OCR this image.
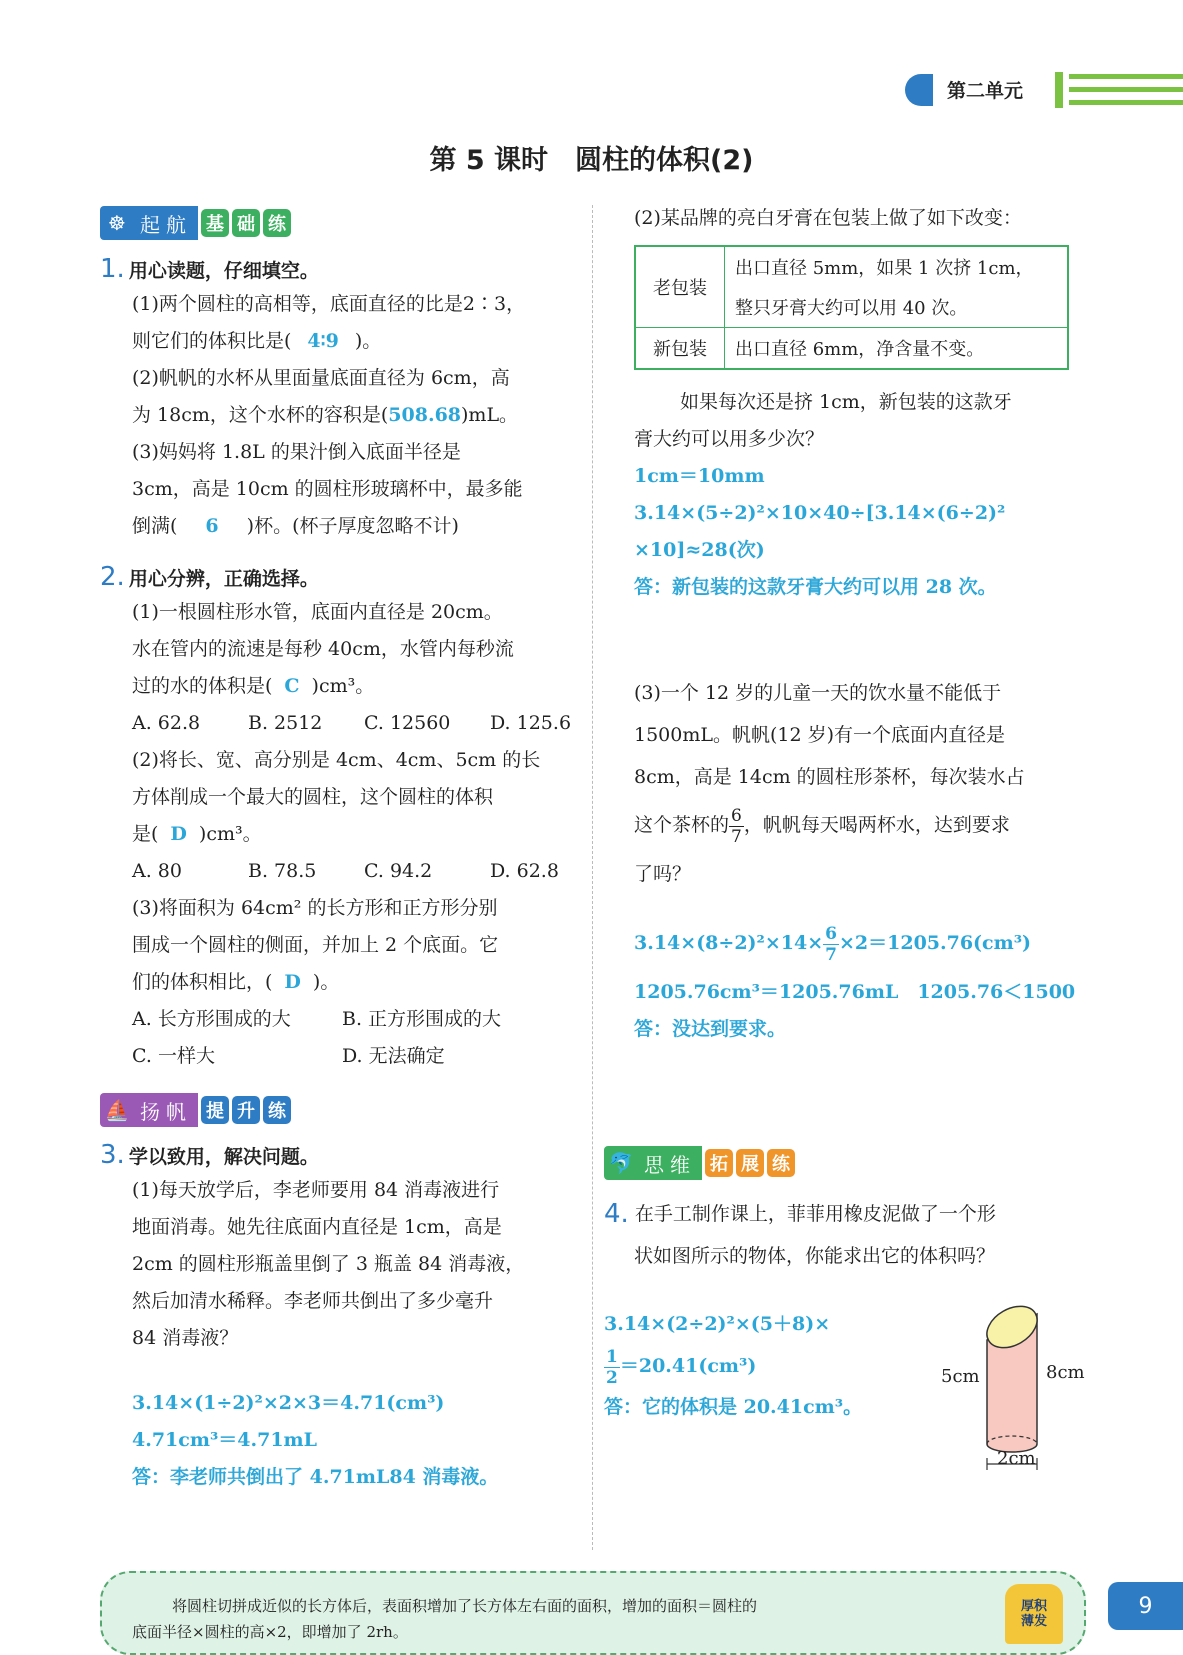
第二单元
第 5 课时　圆柱的体积(2)
☸ 起航 基 础 练
1. 用心读题，仔细填空。
(1)两个圆柱的高相等，底面直径的比是2∶3，
则它们的体积比是( 4∶9 )。
(2)帆帆的水杯从里面量底面直径为 6cm，高
为 18cm，这个水杯的容积是(508.68)mL。
(3)妈妈将 1.8L 的果汁倒入底面半径是
3cm，高是 10cm 的圆柱形玻璃杯中，最多能
倒满( 6 )杯。(杯子厚度忽略不计)
2. 用心分辨，正确选择。
(1)一根圆柱形水管，底面内直径是 20cm。
水在管内的流速是每秒 40cm，水管内每秒流
过的水的体积是( C )cm³。
A. 62.8	B. 2512	C. 12560	D. 125.6
(2)将长、宽、高分别是 4cm、4cm、5cm 的长
方体削成一个最大的圆柱，这个圆柱的体积
是( D )cm³。
A. 80	B. 78.5	C. 94.2	D. 62.8
(3)将面积为 64cm² 的长方形和正方形分别
围成一个圆柱的侧面，并加上 2 个底面。它
们的体积相比，( D )。
A. 长方形围成的大	B. 正方形围成的大
C. 一样大	D. 无法确定
⛵ 扬帆 提 升 练
3. 学以致用，解决问题。
(1)每天放学后，李老师要用 84 消毒液进行
地面消毒。她先往底面内直径是 1cm，高是
2cm 的圆柱形瓶盖里倒了 3 瓶盖 84 消毒液，
然后加清水稀释。李老师共倒出了多少毫升
84 消毒液？
3.14×(1÷2)²×2×3＝4.71(cm³)
4.71cm³＝4.71mL
答：李老师共倒出了 4.71mL84 消毒液。
(2)某品牌的亮白牙膏在包装上做了如下改变：
老包装	出口直径 5mm，如果 1 次挤 1cm，
	整只牙膏大约可以用 40 次。
新包装	出口直径 6mm，净含量不变。
如果每次还是挤 1cm，新包装的这款牙
膏大约可以用多少次？
1cm＝10mm
3.14×(5÷2)²×10×40÷[3.14×(6÷2)²
×10]≈28(次)
答：新包装的这款牙膏大约可以用 28 次。
(3)一个 12 岁的儿童一天的饮水量不能低于
1500mL。帆帆(12 岁)有一个底面内直径是
8cm，高是 14cm 的圆柱形茶杯，每次装水占
这个茶杯的 $\frac{6}{7}$ ，帆帆每天喝两杯水，达到要求
了吗？
$3.14\times(8\div 2)^2\times 14\times \frac{6}{7} \times 2=1205.76(cm^3)$
1205.76cm³＝1205.76mL　1205.76＜1500
答：没达到要求。
🐬 思维 拓 展 练
4. 在手工制作课上，菲菲用橡皮泥做了一个形
状如图所示的物体，你能求出它的体积吗？
3.14×(2÷2)²×(5＋8)×
$\frac{1}{2} =20.41(cm^3)$
答：它的体积是 20.41cm³。
5cm	8cm
2cm
将圆柱切拼成近似的长方体后，表面积增加了长方体左右面的面积，增加的面积＝圆柱的
底面半径×圆柱的高×2，即增加了 2rh。
厚积
薄发
9
